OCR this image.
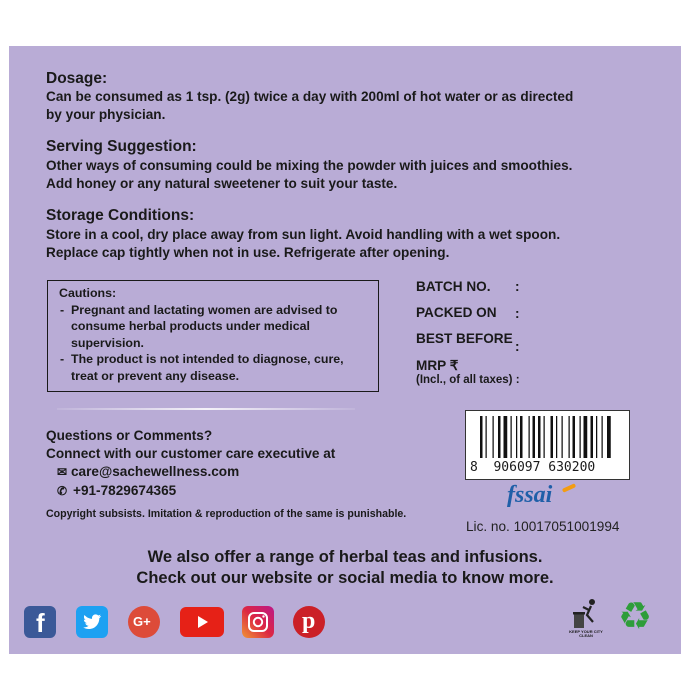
Dosage:
Can be consumed as 1 tsp. (2g) twice a day with 200ml of hot water or as directed
by your physician.
Serving Suggestion:
Other ways of consuming could be mixing the powder with juices and smoothies.
Add honey or any natural sweetener to suit your taste.
Storage Conditions:
Store in a cool, dry place away from sun light. Avoid handling with a wet spoon.
Replace cap tightly when not in use. Refrigerate after opening.
Cautions:
- Pregnant and lactating women are advised to
consume herbal products under medical
supervision.
- The product is not intended to diagnose, cure,
treat or prevent any disease.
BATCH NO. :
PACKED ON :
BEST BEFORE
:
MRP ₹
(Incl., of all taxes) :
Questions or Comments?
Connect with our customer care executive at
✉ care@sachewellness.com
✆ +91-7829674365
Copyright subsists. Imitation & reproduction of the same is punishable.
8 906097 630200
fssai
Lic. no. 10017051001994
We also offer a range of herbal teas and infusions.
Check out our website or social media to know more.
f	G+	p	KEEP YOUR CITY CLEAN ♻
